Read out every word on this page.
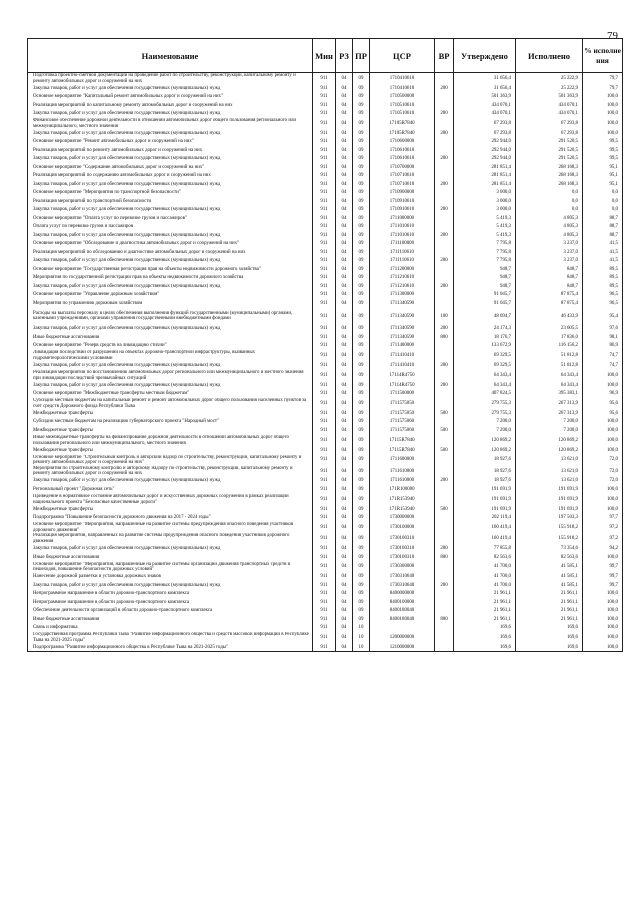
79
Наименование	Мин	РЗ	ПР	ЦСР	ВР	Утверждено	Исполнено	% исполне ния
Подготовка проектно-сметной документации на проведение работ по строительству, реконструкции, капитальному ремонту и ремонту автомобильных дорог и сооружений на них	911	04	09	1710410610		31 656,4	25 222,9	79,7
Закупка товаров, работ и услуг для обеспечения государственных (муниципальных) нужд	911	04	09	1710410610	200	31 656,4	25 222,9	79,7
Основное мероприятие "Капитальный ремонт автомобильных дорог и сооружений на них"	911	04	09	1710500000		501 363,9	501 363,9	100,0
Реализация мероприятий по капитальному ремонту автомобильных дорог и сооружений на них	911	04	09	1710510610		434 070,1	434 070,1	100,0
Закупка товаров, работ и услуг для обеспечения государственных (муниципальных) нужд	911	04	09	1710510610	200	434 070,1	434 070,1	100,0
Финансовое обеспечение дорожной деятельности в отношении автомобильных дорог общего пользования регионального или межмуниципального, местного значения	911	04	09	17105R7840		67 293,8	67 293,8	100,0
Закупка товаров, работ и услуг для обеспечения государственных (муниципальных) нужд	911	04	09	17105R7840	200	67 293,8	67 293,8	100,0
Основное мероприятие "Ремонт автомобильных дорог и сооружений на них"	911	04	09	1710600000		292 944,0	291 520,5	99,5
Реализация мероприятий по ремонту автомобильных дорог и сооружений на них	911	04	09	1710610610		292 944,0	291 520,5	99,5
Закупка товаров, работ и услуг для обеспечения государственных (муниципальных) нужд	911	04	09	1710610610	200	292 944,0	291 520,5	99,5
Основное мероприятие "Содержание автомобильных дорог и сооружений на них"	911	04	09	1710700000		281 851,4	268 168,3	95,1
Реализация мероприятий по содержанию автомобильных дорог и сооружений на них	911	04	09	1710710610		281 851,4	268 168,3	95,1
Закупка товаров, работ и услуг для обеспечения государственных (муниципальных) нужд	911	04	09	1710710610	200	281 851,4	268 168,3	95,1
Основное мероприятие "Мероприятия по транспортной безопасности"	911	04	09	1710900000		3 000,0	0,0	0,0
Реализация мероприятий по транспортной безопасности	911	04	09	1710910610		3 000,0	0,0	0,0
Закупка товаров, работ и услуг для обеспечения государственных (муниципальных) нужд	911	04	09	1710910610	200	3 000,0	0,0	0,0
Основное мероприятие "Оплата услуг по перевозке грузов и пассажиров"	911	04	09	1711000000		5 419,3	4 805,3	88,7
Оплата услуг по перевозке грузов и пассажиров	911	04	09	1711010610		5 419,3	4 805,3	88,7
Закупка товаров, работ и услуг для обеспечения государственных (муниципальных) нужд	911	04	09	1711010610	200	5 419,3	4 805,3	88,7
Основное мероприятие "Обследование и диагностика автомобильных дорог и сооружений на них"	911	04	09	1711100000		7 795,8	3 237,0	41,5
Реализация мероприятий по обследованию и диагностике автомобильных дорог и сооружений на них	911	04	09	1711110610		7 795,8	3 237,0	41,5
Закупка товаров, работ и услуг для обеспечения государственных (муниципальных) нужд	911	04	09	1711110610	200	7 795,8	3 237,0	41,5
Основное мероприятие "Государственная регистрация прав на объекты недвижимости дорожного хозяйства"	911	04	09	1711200000		948,7	848,7	89,5
Мероприятия по государственной регистрации прав на объекты недвижимости дорожного хозяйства	911	04	09	1711210610		948,7	848,7	89,5
Закупка товаров, работ и услуг для обеспечения государственных (муниципальных) нужд	911	04	09	1711210610	200	948,7	848,7	89,5
Основное мероприятие "Управление дорожным хозяйством"	911	04	09	1711300000		91 045,7	87 875,4	96,5
Мероприятия по управлению дорожным хозяйством	911	04	09	1711340590		91 045,7	87 875,4	96,5
Расходы на выплаты персоналу в целях обеспечения выполнения функций государственными (муниципальными) органами, казенными учреждениями, органами управления государственными внебюджетными фондами	911	04	09	1711340590	100	48 694,7	46 433,9	95,4
Закупка товаров, работ и услуг для обеспечения государственных (муниципальных) нужд	911	04	09	1711340590	200	24 174,3	23 605,5	97,6
Иные бюджетные ассигнования	911	04	09	1711340590	800	18 176,7	17 836,0	98,1
Основное мероприятие "Резерв средств на ликвидацию стихии"	911	04	09	1711400000		133 672,9	116 156,2	86,9
Ликвидация последствий от разрушений на объектах дорожно-транспортной инфраструктуры, вызванных гидрометеорологическими условиями	911	04	09	1711410410		69 329,5	51 812,8	74,7
Закупка товаров, работ и услуг для обеспечения государственных (муниципальных) нужд	911	04	09	1711410410	200	69 329,5	51 812,8	74,7
Реализация мероприятий по восстановлению автомобильных дорог регионального или межмуниципального и местного значения при ликвидации последствий чрезвычайных ситуаций	911	04	09	17114R4750		64 343,4	64 343,4	100,0
Закупка товаров, работ и услуг для обеспечения государственных (муниципальных) нужд	911	04	09	17114R4750	200	64 343,4	64 343,4	100,0
Основное мероприятие "Межбюджетные трансферты местным бюджетам"	911	04	09	1711500000		407 824,5	395 383,1	96,9
Субсидии местным бюджетам на капитальный ремонт и ремонт автомобильных дорог общего пользования населенных пунктов за счет средств Дорожного фонда Республики Тыва	911	04	09	1711575050		279 755,3	267 313,9	95,6
Межбюджетные трансферты	911	04	09	1711575050	500	279 755,3	267 313,9	95,6
Субсидии местным бюджетам на реализацию губернаторского проекта "Народный мост"	911	04	09	1711575060		7 200,0	7 200,0	100,0
Межбюджетные трансферты	911	04	09	1711575060	500	7 200,0	7 200,0	100,0
Иные межбюджетные трансферты на финансирование дорожной деятельности в отношении автомобильных дорог общего пользования регионального или межмуниципального, местного значения	911	04	09	17115R7840		120 869,2	120 869,2	100,0
Межбюджетные трансферты	911	04	09	17115R7840	500	120 869,2	120 869,2	100,0
Основное мероприятие "Строительный контроль и авторский надзор по строительству, реконструкции, капитальному ремонту и ремонту автомобильных дорог и сооружений на них"	911	04	09	1711600000		18 927,6	13 621,0	72,0
Мероприятия по строительному контролю и авторскому надзору по строительству, реконструкции, капитальному ремонту и ремонту автомобильных дорог и сооружений на них	911	04	09	1711610000		18 927,6	13 621,0	72,0
Закупка товаров, работ и услуг для обеспечения государственных (муниципальных) нужд	911	04	09	1711610000	200	18 927,6	13 621,0	72,0
Региональный проект "Дорожная сеть"	911	04	09	171R100000		191 691,9	191 691,9	100,0
Приведение в нормативное состояние автомобильных дорог и искусственных дорожных сооружений в рамках реализации национального проекта "Безопасные качественные дороги"	911	04	09	171R153940		191 691,9	191 691,9	100,0
Межбюджетные трансферты	911	04	09	171R153940	500	191 691,9	191 691,9	100,0
Подпрограмма "Повышение безопасности дорожного движения на 2017 - 2024 годы"	911	04	09	1730000000		202 119,4	197 503,3	97,7
Основное мероприятие "Мероприятия, направленные на развитие системы предупреждения опасного поведения участников дорожного движения"	911	04	09	1730100000		160 419,4	155 918,2	97,2
Реализация мероприятий, направленных на развитие системы предупреждения опасного поведения участников дорожного движения	911	04	09	1730100310		160 419,4	155 918,2	97,2
Закупка товаров, работ и услуг для обеспечения государственных (муниципальных) нужд	911	04	09	1730100310	200	77 855,8	73 354,6	94,2
Иные бюджетные ассигнования	911	04	09	1730100310	800	82 563,6	82 563,6	100,0
Основное мероприятие "Мероприятия, направленные на развитие системы организации движения транспортных средств и пешеходов, повышение безопасности дорожных условий"	911	04	09	1730300000		41 700,0	41 585,1	99,7
Нанесение дорожной разметки и установка дорожных знаков	911	04	09	1730310640		41 700,0	41 585,1	99,7
Закупка товаров, работ и услуг для обеспечения государственных (муниципальных) нужд	911	04	09	1730310640	200	41 700,0	41 585,1	99,7
Непрограммное направление в области дорожно-транспортного комплекса	911	04	09	8400000000		21 961,1	21 961,1	100,0
Непрограммное направление в области дорожно-транспортного комплекса	911	04	09	8400100000		21 961,1	21 961,1	100,0
Обеспечение деятельности организаций в области дорожно-транспортного комплекса	911	04	09	8400180040		21 961,1	21 961,1	100,0
Иные бюджетные ассигнования	911	04	09	8400180040	800	21 961,1	21 961,1	100,0
Связь и информатика	911	04	10			169,6	169,6	100,0
Государственная программа Республики Тыва "Развитие информационного общества и средств массовой информации в Республике Тыва на 2021-2025 годы"	911	04	10	1200000000		169,6	169,6	100,0
Подпрограмма "Развитие информационного общества в Республике Тыва на 2021-2025 годы"	911	04	10	1210000000		169,6	169,6	100,0
